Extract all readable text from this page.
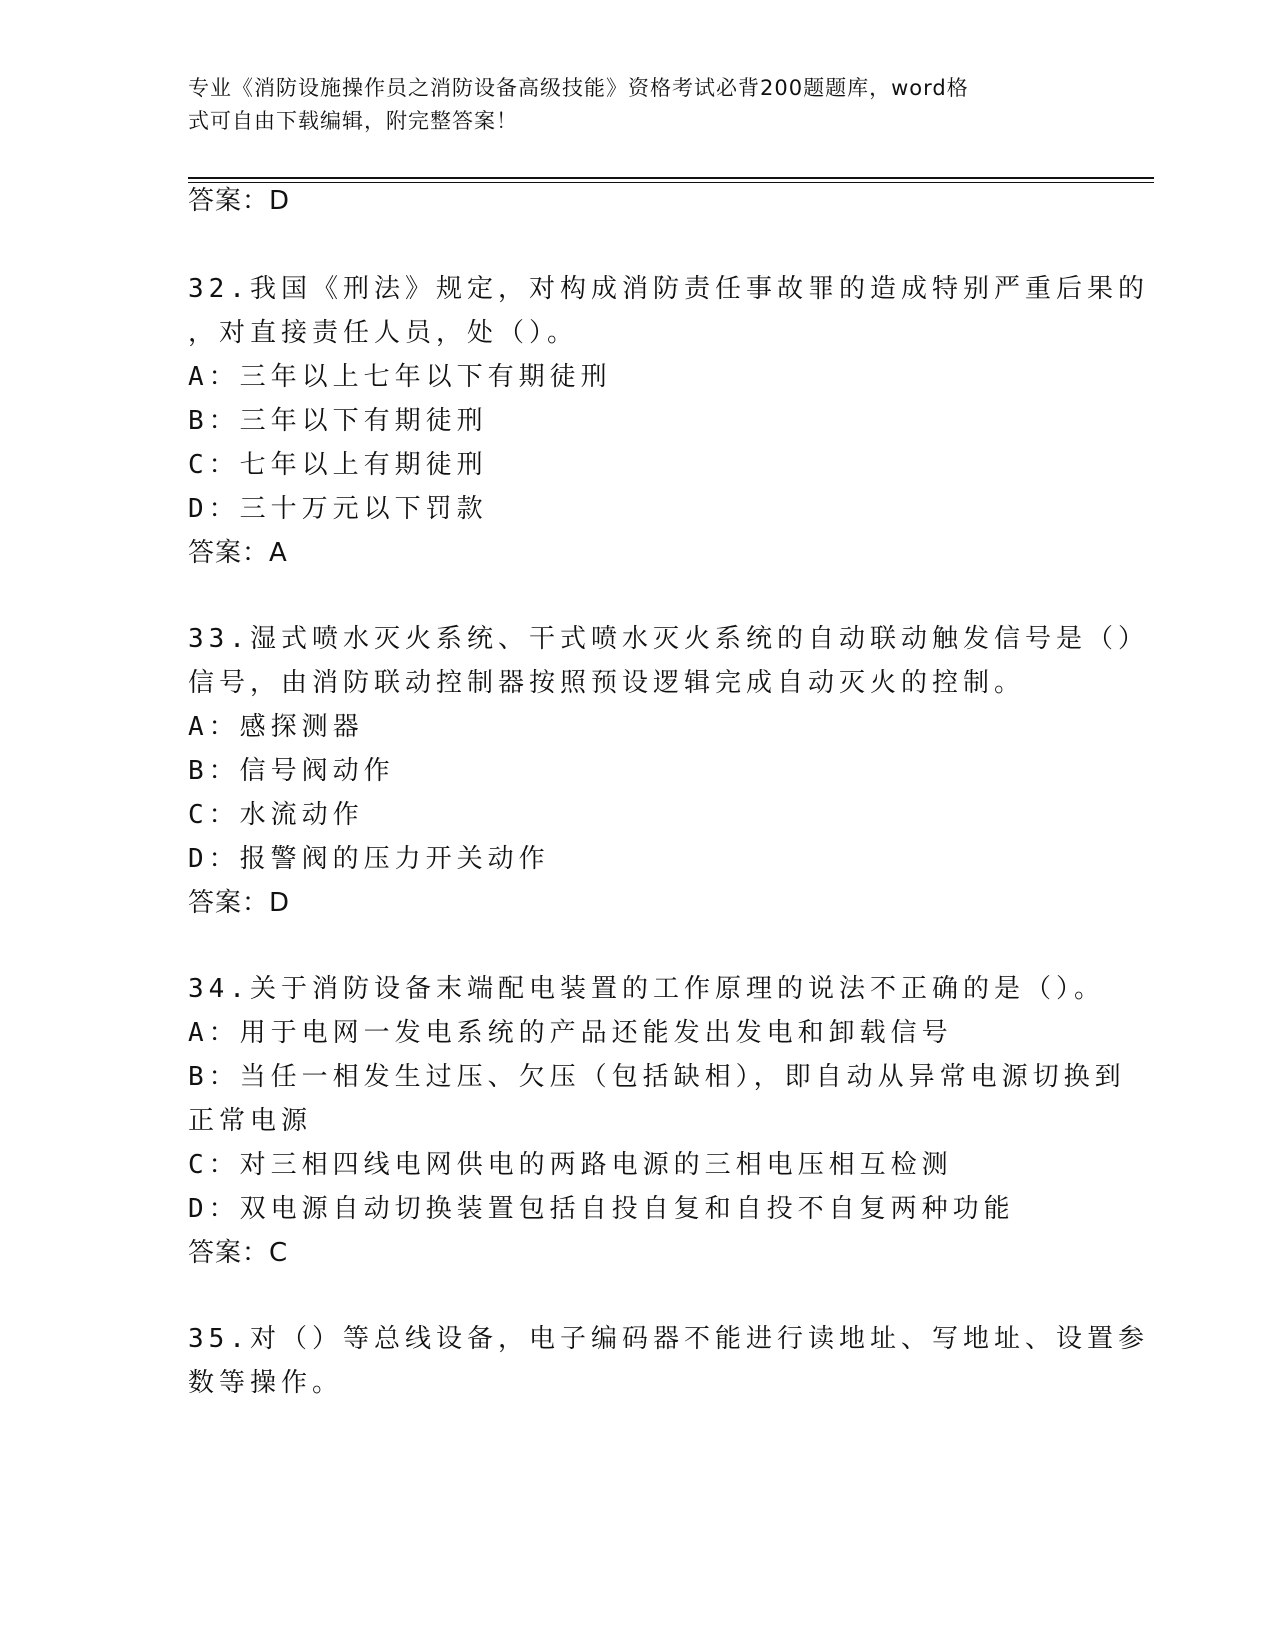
专业《消防设施操作员之消防设备高级技能》资格考试必背200题题库，word格
式可自由下载编辑，附完整答案！
答案：D
32.我国《刑法》规定，对构成消防责任事故罪的造成特别严重后果的
，对直接责任人员，处（）。
A：三年以上七年以下有期徒刑
B：三年以下有期徒刑
C：七年以上有期徒刑
D：三十万元以下罚款
答案：A
33.湿式喷水灭火系统、干式喷水灭火系统的自动联动触发信号是（）
信号，由消防联动控制器按照预设逻辑完成自动灭火的控制。
A：感探测器
B：信号阀动作
C：水流动作
D：报警阀的压力开关动作
答案：D
34.关于消防设备末端配电装置的工作原理的说法不正确的是（）。
A：用于电网一发电系统的产品还能发出发电和卸载信号
B：当任一相发生过压、欠压（包括缺相），即自动从异常电源切换到
正常电源
C：对三相四线电网供电的两路电源的三相电压相互检测
D：双电源自动切换装置包括自投自复和自投不自复两种功能
答案：C
35.对（）等总线设备，电子编码器不能进行读地址、写地址、设置参
数等操作。
